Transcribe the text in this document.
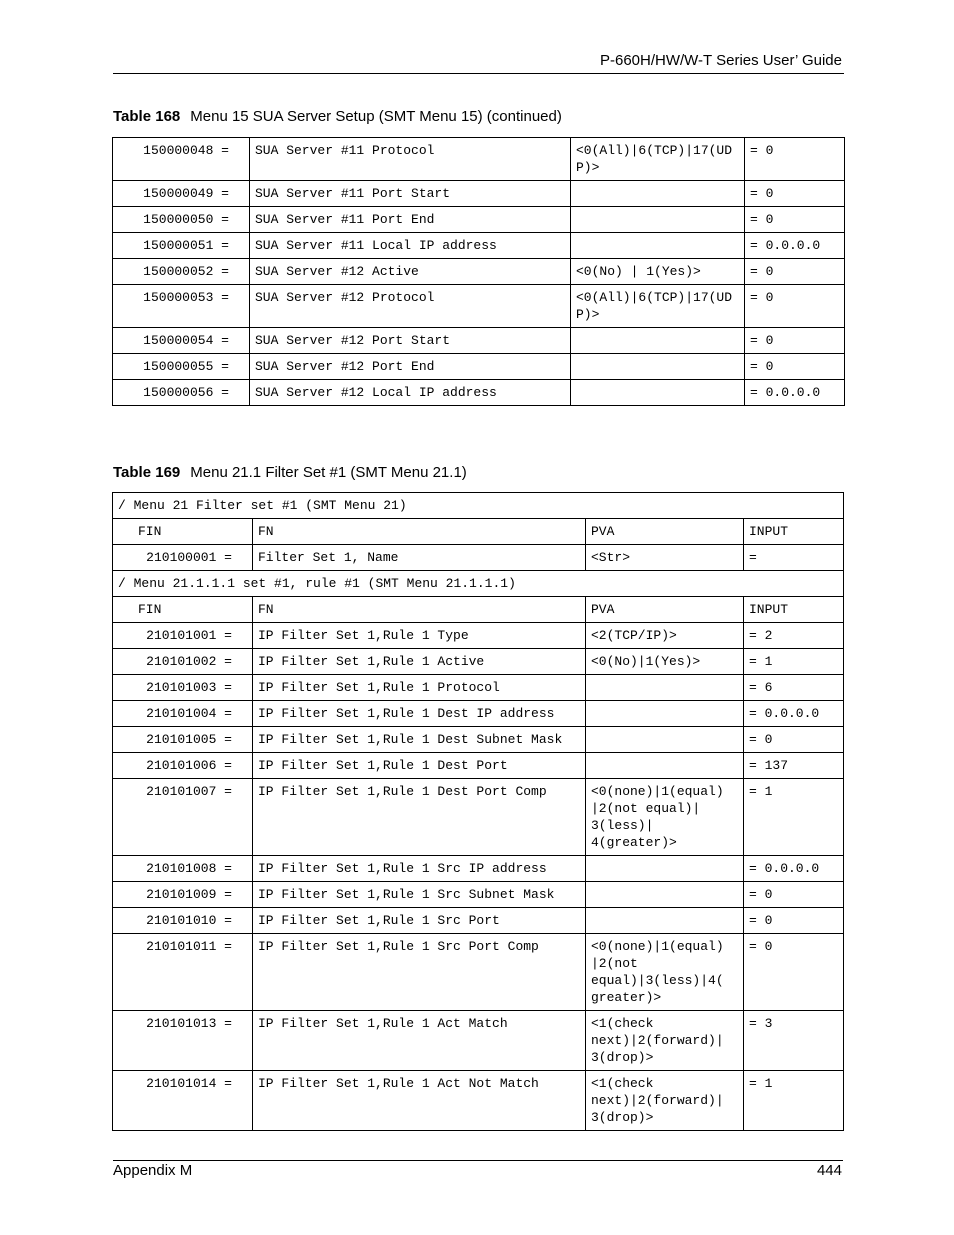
P-660H/HW/W-T Series User’ Guide
Table 168 Menu 15 SUA Server Setup (SMT Menu 15) (continued)
150000048 =	SUA Server #11 Protocol	<0(All)|6(TCP)|17(UDP)>	= 0
150000049 =	SUA Server #11 Port Start		= 0
150000050 =	SUA Server #11 Port End		= 0
150000051 =	SUA Server #11 Local IP address		= 0.0.0.0
150000052 =	SUA Server #12 Active	<0(No) | 1(Yes)>	= 0
150000053 =	SUA Server #12 Protocol	<0(All)|6(TCP)|17(UDP)>	= 0
150000054 =	SUA Server #12 Port Start		= 0
150000055 =	SUA Server #12 Port End		= 0
150000056 =	SUA Server #12 Local IP address		= 0.0.0.0
Table 169 Menu 21.1 Filter Set #1 (SMT Menu 21.1)
/ Menu 21 Filter set #1 (SMT Menu 21)			
FIN	FN	PVA	INPUT
210100001 =	Filter Set 1, Name	<Str>	=
/ Menu 21.1.1.1 set #1, rule #1 (SMT Menu 21.1.1.1)			
FIN	FN	PVA	INPUT
210101001 =	IP Filter Set 1,Rule 1 Type	<2(TCP/IP)>	= 2
210101002 =	IP Filter Set 1,Rule 1 Active	<0(No)|1(Yes)>	= 1
210101003 =	IP Filter Set 1,Rule 1 Protocol		= 6
210101004 =	IP Filter Set 1,Rule 1 Dest IP address		= 0.0.0.0
210101005 =	IP Filter Set 1,Rule 1 Dest Subnet Mask		= 0
210101006 =	IP Filter Set 1,Rule 1 Dest Port		= 137
210101007 =	IP Filter Set 1,Rule 1 Dest Port Comp	<0(none)|1(equal)
|2(not equal)|
3(less)|
4(greater)>	= 1
210101008 =	IP Filter Set 1,Rule 1 Src IP address		= 0.0.0.0
210101009 =	IP Filter Set 1,Rule 1 Src Subnet Mask		= 0
210101010 =	IP Filter Set 1,Rule 1 Src Port		= 0
210101011 =	IP Filter Set 1,Rule 1 Src Port Comp	<0(none)|1(equal)
|2(not
equal)|3(less)|4(
greater)>	= 0
210101013 =	IP Filter Set 1,Rule 1 Act Match	<1(check
next)|2(forward)|
3(drop)>	= 3
210101014 =	IP Filter Set 1,Rule 1 Act Not Match	<1(check
next)|2(forward)|
3(drop)>	= 1
Appendix M	444
